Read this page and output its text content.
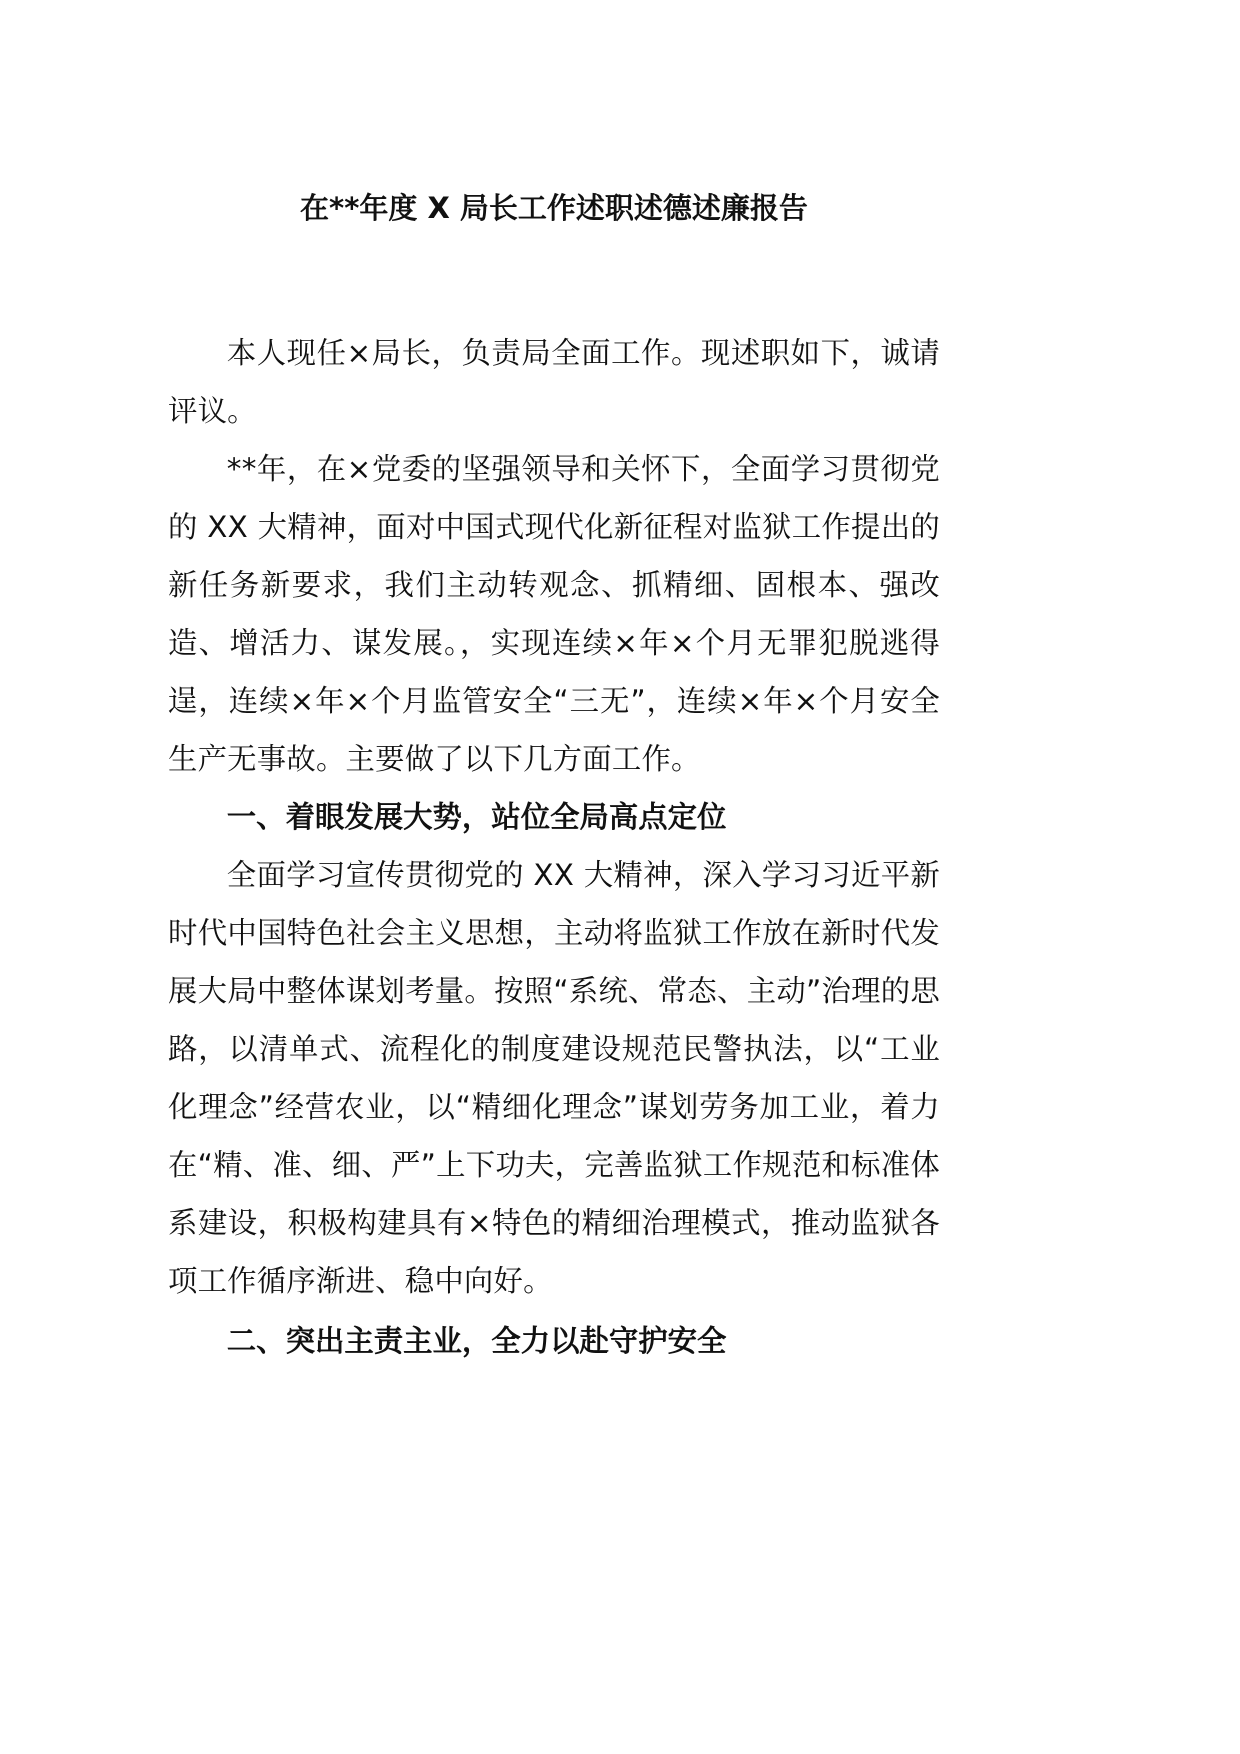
在**年度 X 局长工作述职述德述廉报告

本人现任×局长，负责局全面工作。现述职如下，诚请评议。

**年，在×党委的坚强领导和关怀下，全面学习贯彻党的 XX 大精神，面对中国式现代化新征程对监狱工作提出的新任务新要求，我们主动转观念、抓精细、固根本、强改造、增活力、谋发展。，实现连续×年×个月无罪犯脱逃得逞，连续×年×个月监管安全“三无”，连续×年×个月安全生产无事故。主要做了以下几方面工作。

一、着眼发展大势，站位全局高点定位

全面学习宣传贯彻党的 XX 大精神，深入学习习近平新时代中国特色社会主义思想，主动将监狱工作放在新时代发展大局中整体谋划考量。按照“系统、常态、主动”治理的思路，以清单式、流程化的制度建设规范民警执法，以“工业化理念”经营农业，以“精细化理念”谋划劳务加工业，着力在“精、准、细、严”上下功夫，完善监狱工作规范和标准体系建设，积极构建具有×特色的精细治理模式，推动监狱各项工作循序渐进、稳中向好。

二、突出主责主业，全力以赴守护安全
